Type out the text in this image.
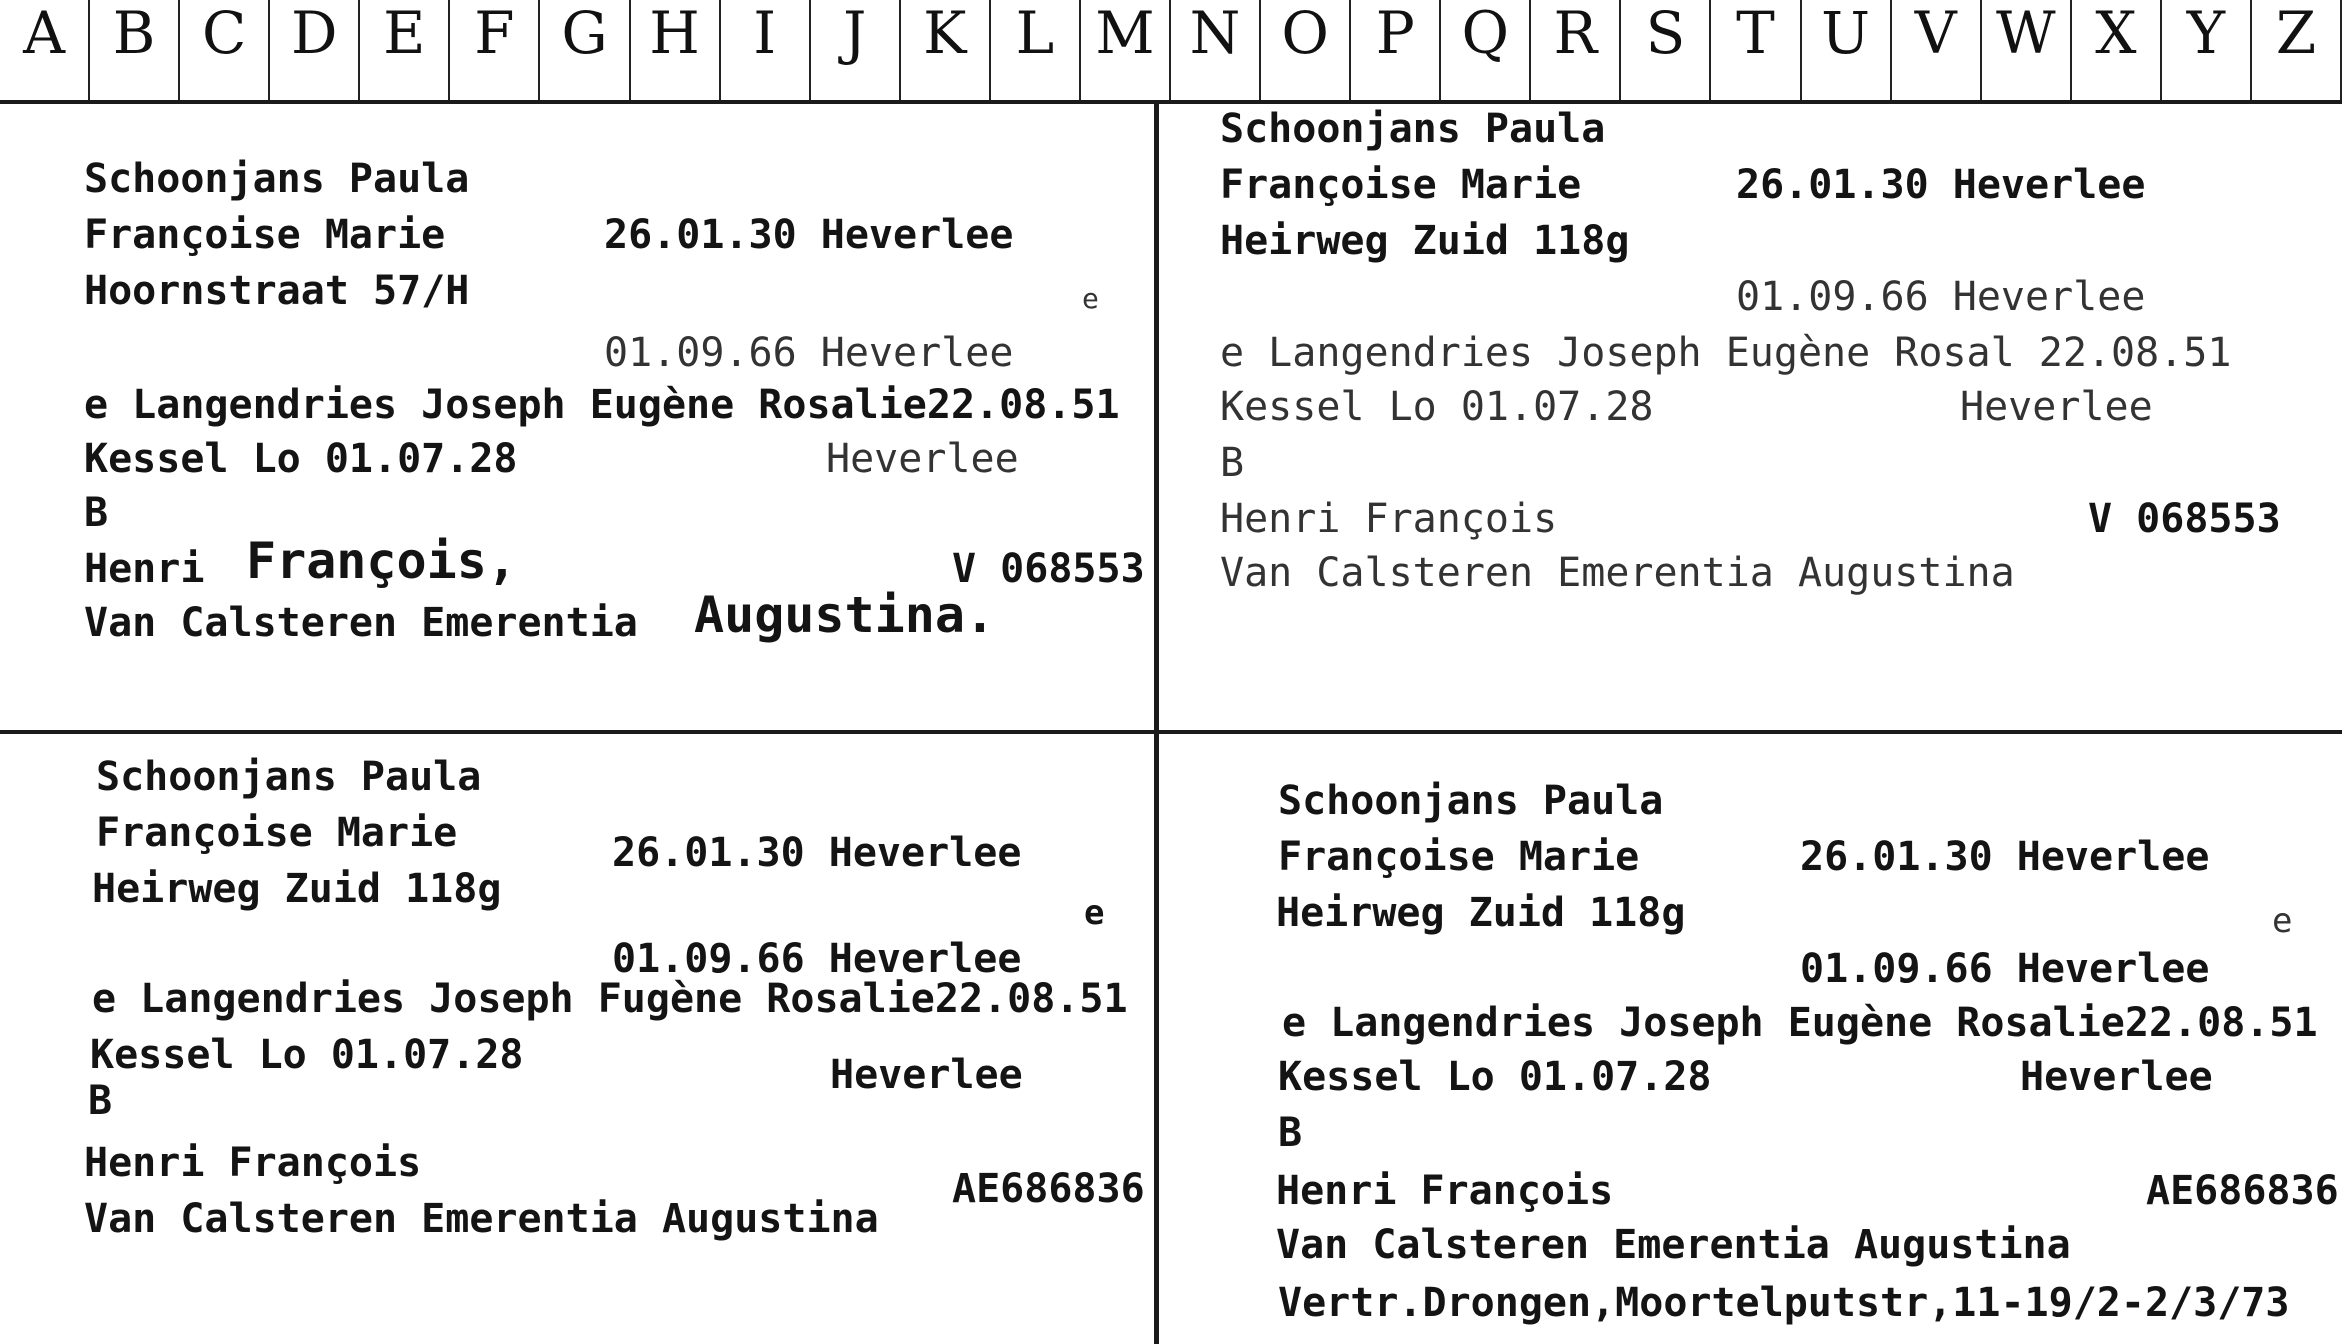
A B C D E F G H I	J K L M N O P Q R S T U V W X Y Z
Schoonjans Paula
Françoise Marie	26.01.30 Heverlee
Hoornstraat 57/H	e
01.09.66 Heverlee
e Langendries Joseph Eugène Rosalie22.08.51
Kessel Lo 01.07.28	Heverlee
B
Henri François,	V 068553
Van Calsteren Emerentia Augustina.
Schoonjans Paula
Françoise Marie	26.01.30 Heverlee
Heirweg Zuid 118g
01.09.66 Heverlee
e Langendries Joseph Eugène Rosal 22.08.51
Kessel Lo 01.07.28	Heverlee
B
Henri François	V 068553
Van Calsteren Emerentia Augustina
Schoonjans Paula
Françoise Marie	26.01.30 Heverlee
Heirweg Zuid 118g
e
01.09.66 Heverlee
e Langendries Joseph Fugène Rosalie22.08.51
Kessel Lo 01.07.28	Heverlee
B
Henri François
AE686836
Van Calsteren Emerentia Augustina
Schoonjans Paula
Françoise Marie	26.01.30 Heverlee
Heirweg Zuid 118g	e
01.09.66 Heverlee
e Langendries Joseph Eugène Rosalie22.08.51
Kessel Lo 01.07.28	Heverlee
B
Henri François	AE686836
Van Calsteren Emerentia Augustina
Vertr.Drongen,Moortelputstr,11-19/2-2/3/73
